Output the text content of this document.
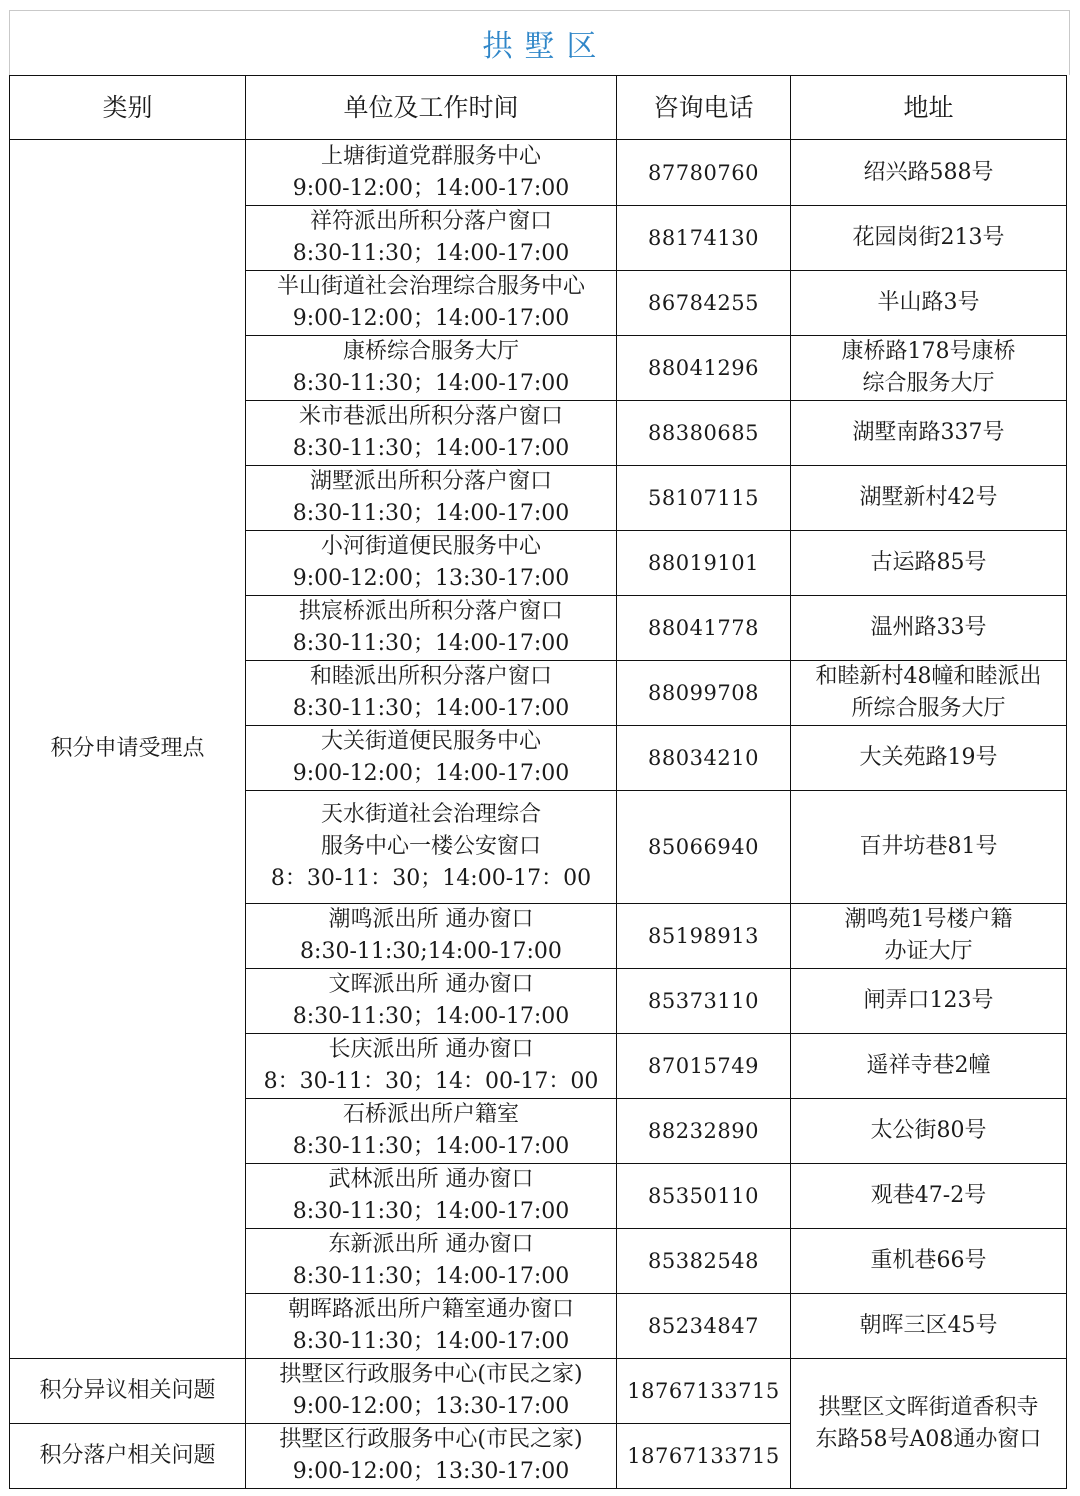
拱墅区
类别	单位及工作时间	咨询电话	地址

积分申请受理点	上塘街道党群服务中心
9:00-12:00；14:00-17:00	87780760	绍兴路588号

	祥符派出所积分落户窗口
8:30-11:30；14:00-17:00	88174130	花园岗街213号

	半山街道社会治理综合服务中心
9:00-12:00；14:00-17:00	86784255	半山路3号

	康桥综合服务大厅
8:30-11:30；14:00-17:00	88041296	康桥路178号康桥
综合服务大厅

	米市巷派出所积分落户窗口
8:30-11:30；14:00-17:00	88380685	湖墅南路337号

	湖墅派出所积分落户窗口
8:30-11:30；14:00-17:00	58107115	湖墅新村42号

	小河街道便民服务中心
9:00-12:00；13:30-17:00	88019101	古运路85号

	拱宸桥派出所积分落户窗口
8:30-11:30；14:00-17:00	88041778	温州路33号

	和睦派出所积分落户窗口
8:30-11:30；14:00-17:00	88099708	和睦新村48幢和睦派出
所综合服务大厅

	大关街道便民服务中心
9:00-12:00；14:00-17:00	88034210	大关苑路19号

	天水街道社会治理综合
服务中心一楼公安窗口
8：30-11：30；14:00-17：00	85066940	百井坊巷81号

	潮鸣派出所 通办窗口
8:30-11:30;14:00-17:00	85198913	潮鸣苑1号楼户籍
办证大厅

	文晖派出所 通办窗口
8:30-11:30；14:00-17:00	85373110	闸弄口123号

	长庆派出所 通办窗口
8：30-11：30；14：00-17：00	87015749	遥祥寺巷2幢

	石桥派出所户籍室
8:30-11:30；14:00-17:00	88232890	太公街80号

	武林派出所 通办窗口
8:30-11:30；14:00-17:00	85350110	观巷47-2号

	东新派出所 通办窗口
8:30-11:30；14:00-17:00	85382548	重机巷66号

	朝晖路派出所户籍室通办窗口
8:30-11:30；14:00-17:00	85234847	朝晖三区45号

积分异议相关问题	拱墅区行政服务中心(市民之家)
9:00-12:00；13:30-17:00	18767133715	拱墅区文晖街道香积寺
东路58号A08通办窗口

积分落户相关问题	拱墅区行政服务中心(市民之家)
9:00-12:00；13:30-17:00	18767133715	
